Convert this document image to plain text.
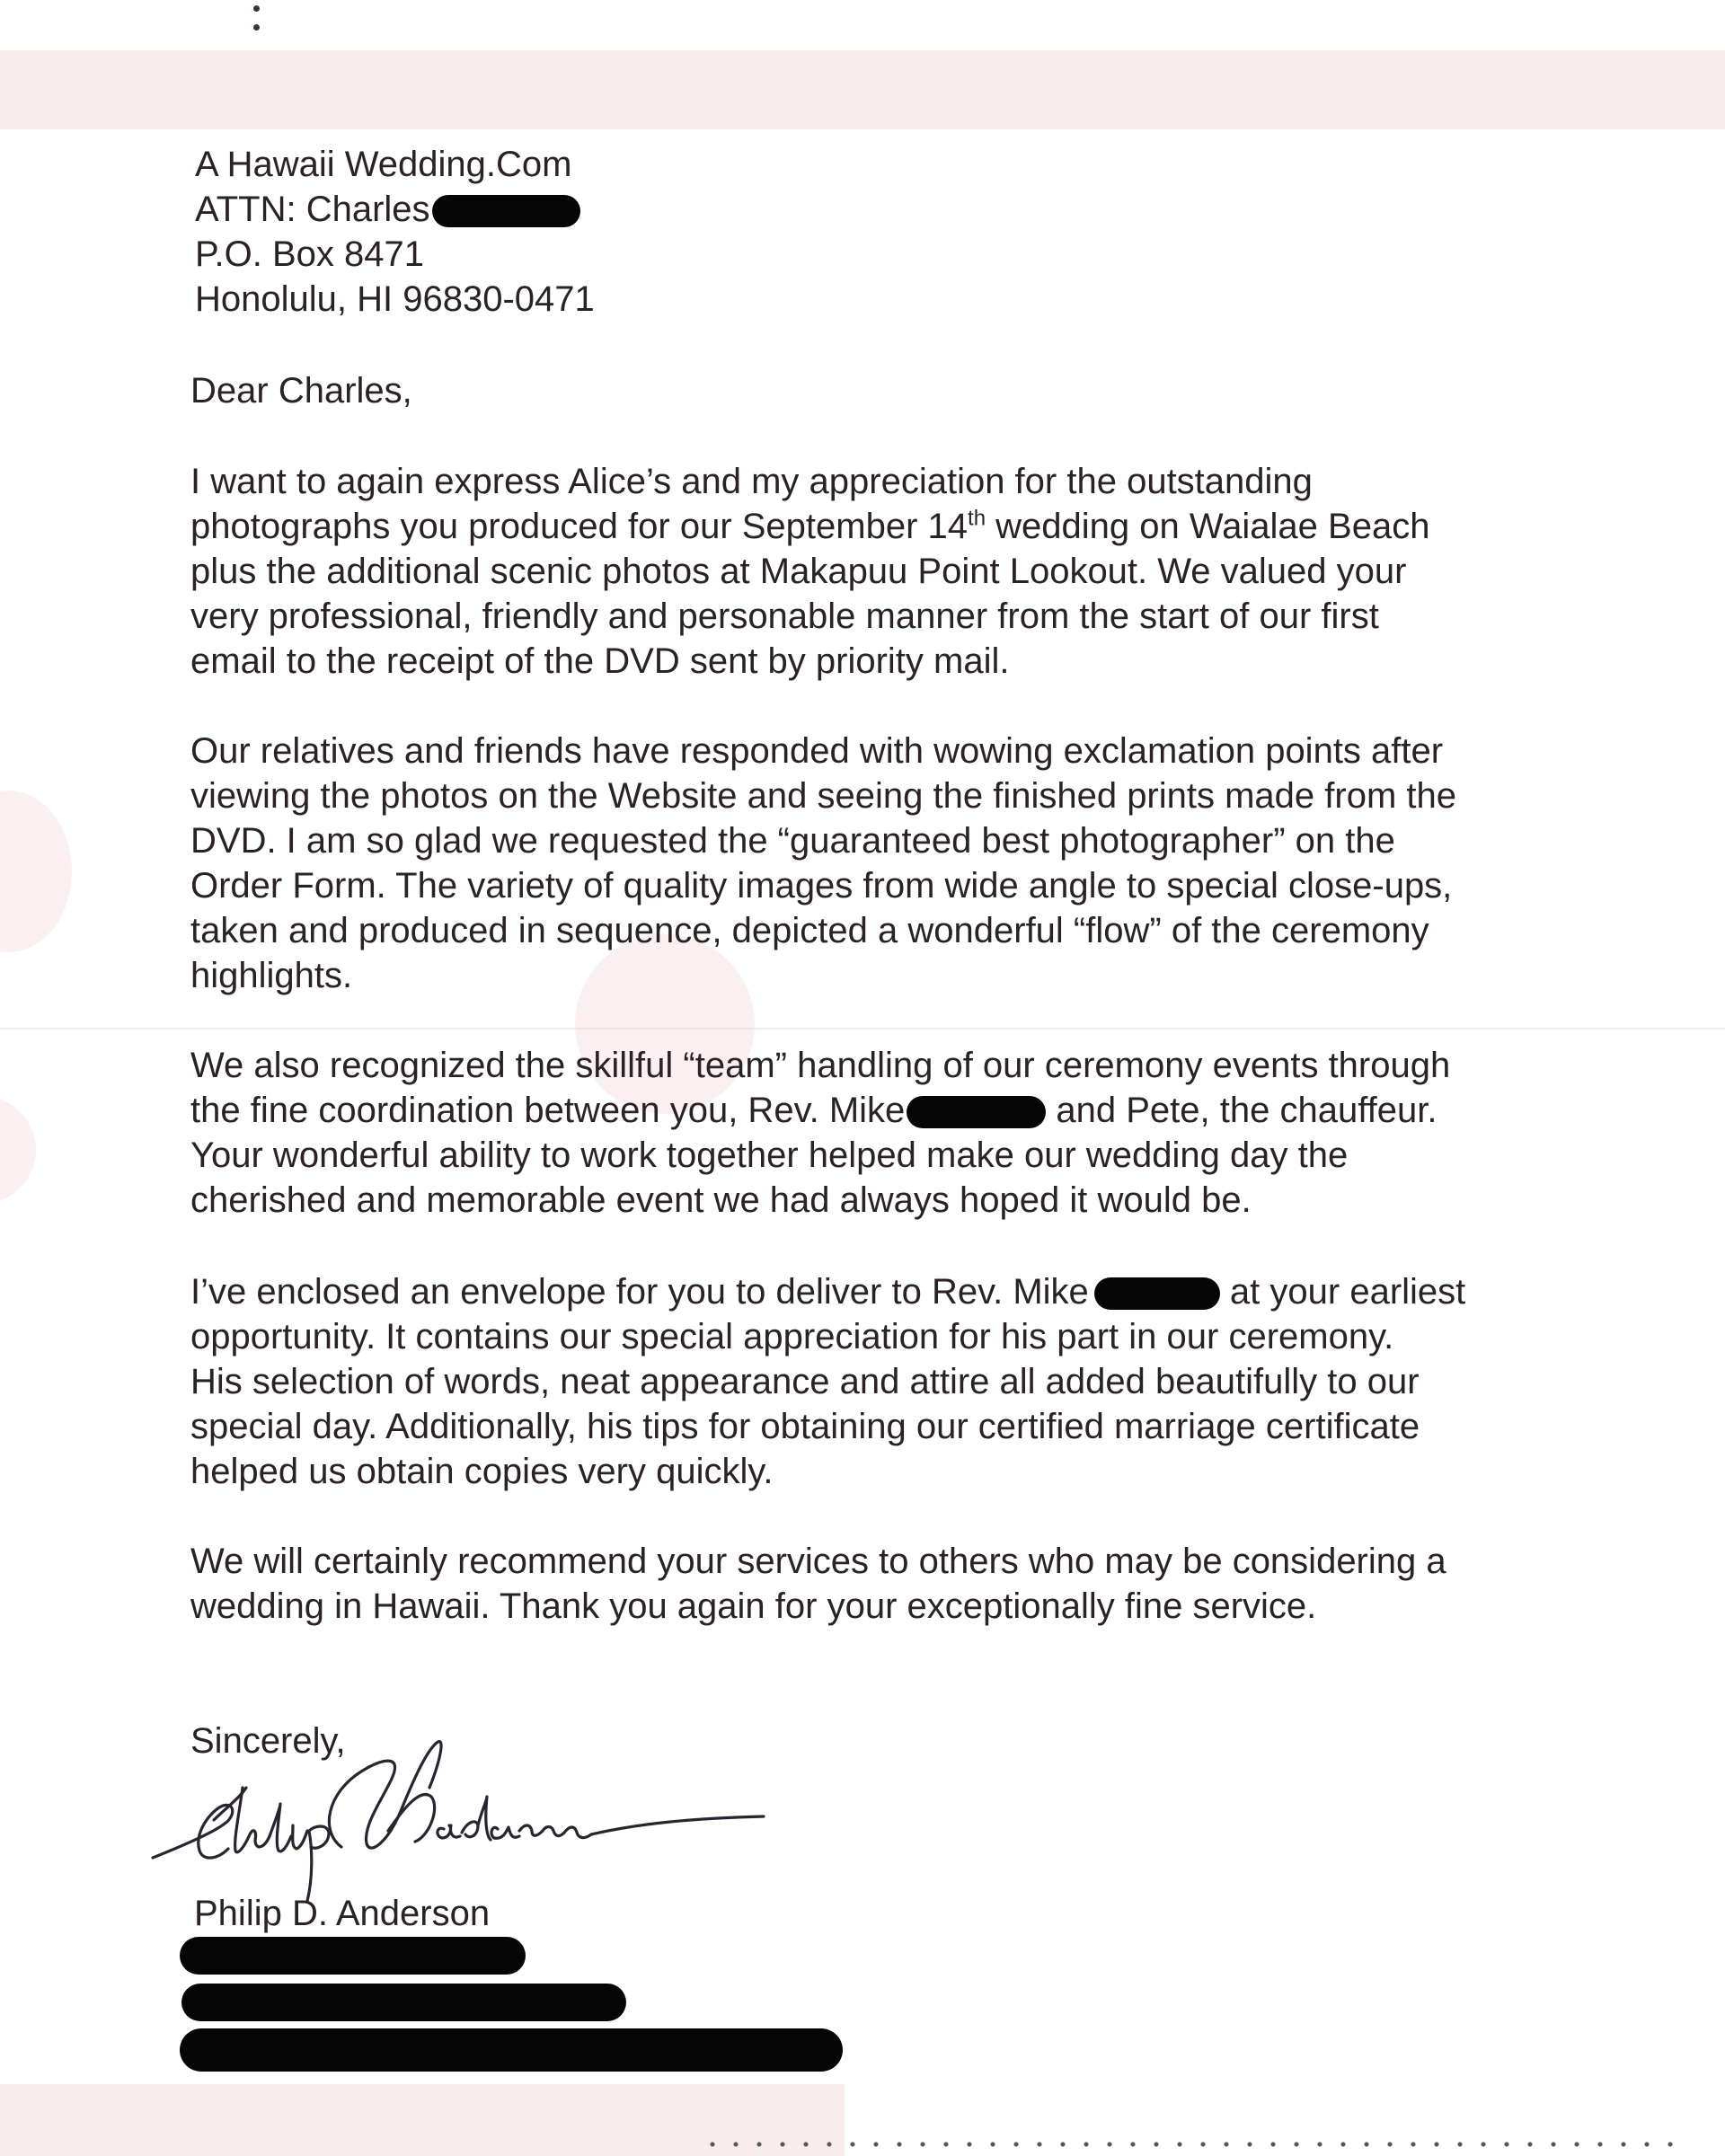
A Hawaii Wedding.Com
ATTN: Charles
P.O. Box 8471
Honolulu, HI 96830-0471
Dear Charles,
I want to again express Alice’s and my appreciation for the outstanding
photographs you produced for our September 14th wedding on Waialae Beach
plus the additional scenic photos at Makapuu Point Lookout. We valued your
very professional, friendly and personable manner from the start of our first
email to the receipt of the DVD sent by priority mail.
Our relatives and friends have responded with wowing exclamation points after
viewing the photos on the Website and seeing the finished prints made from the
DVD. I am so glad we requested the “guaranteed best photographer” on the
Order Form. The variety of quality images from wide angle to special close-ups,
taken and produced in sequence, depicted a wonderful “flow” of the ceremony
highlights.
We also recognized the skillful “team” handling of our ceremony events through
the fine coordination between you, Rev. Mike	and Pete, the chauffeur.
Your wonderful ability to work together helped make our wedding day the
cherished and memorable event we had always hoped it would be.
I’ve enclosed an envelope for you to deliver to Rev. Mike	at your earliest
opportunity. It contains our special appreciation for his part in our ceremony.
His selection of words, neat appearance and attire all added beautifully to our
special day. Additionally, his tips for obtaining our certified marriage certificate
helped us obtain copies very quickly.
We will certainly recommend your services to others who may be considering a
wedding in Hawaii. Thank you again for your exceptionally fine service.
Sincerely,
Philip D. Anderson
